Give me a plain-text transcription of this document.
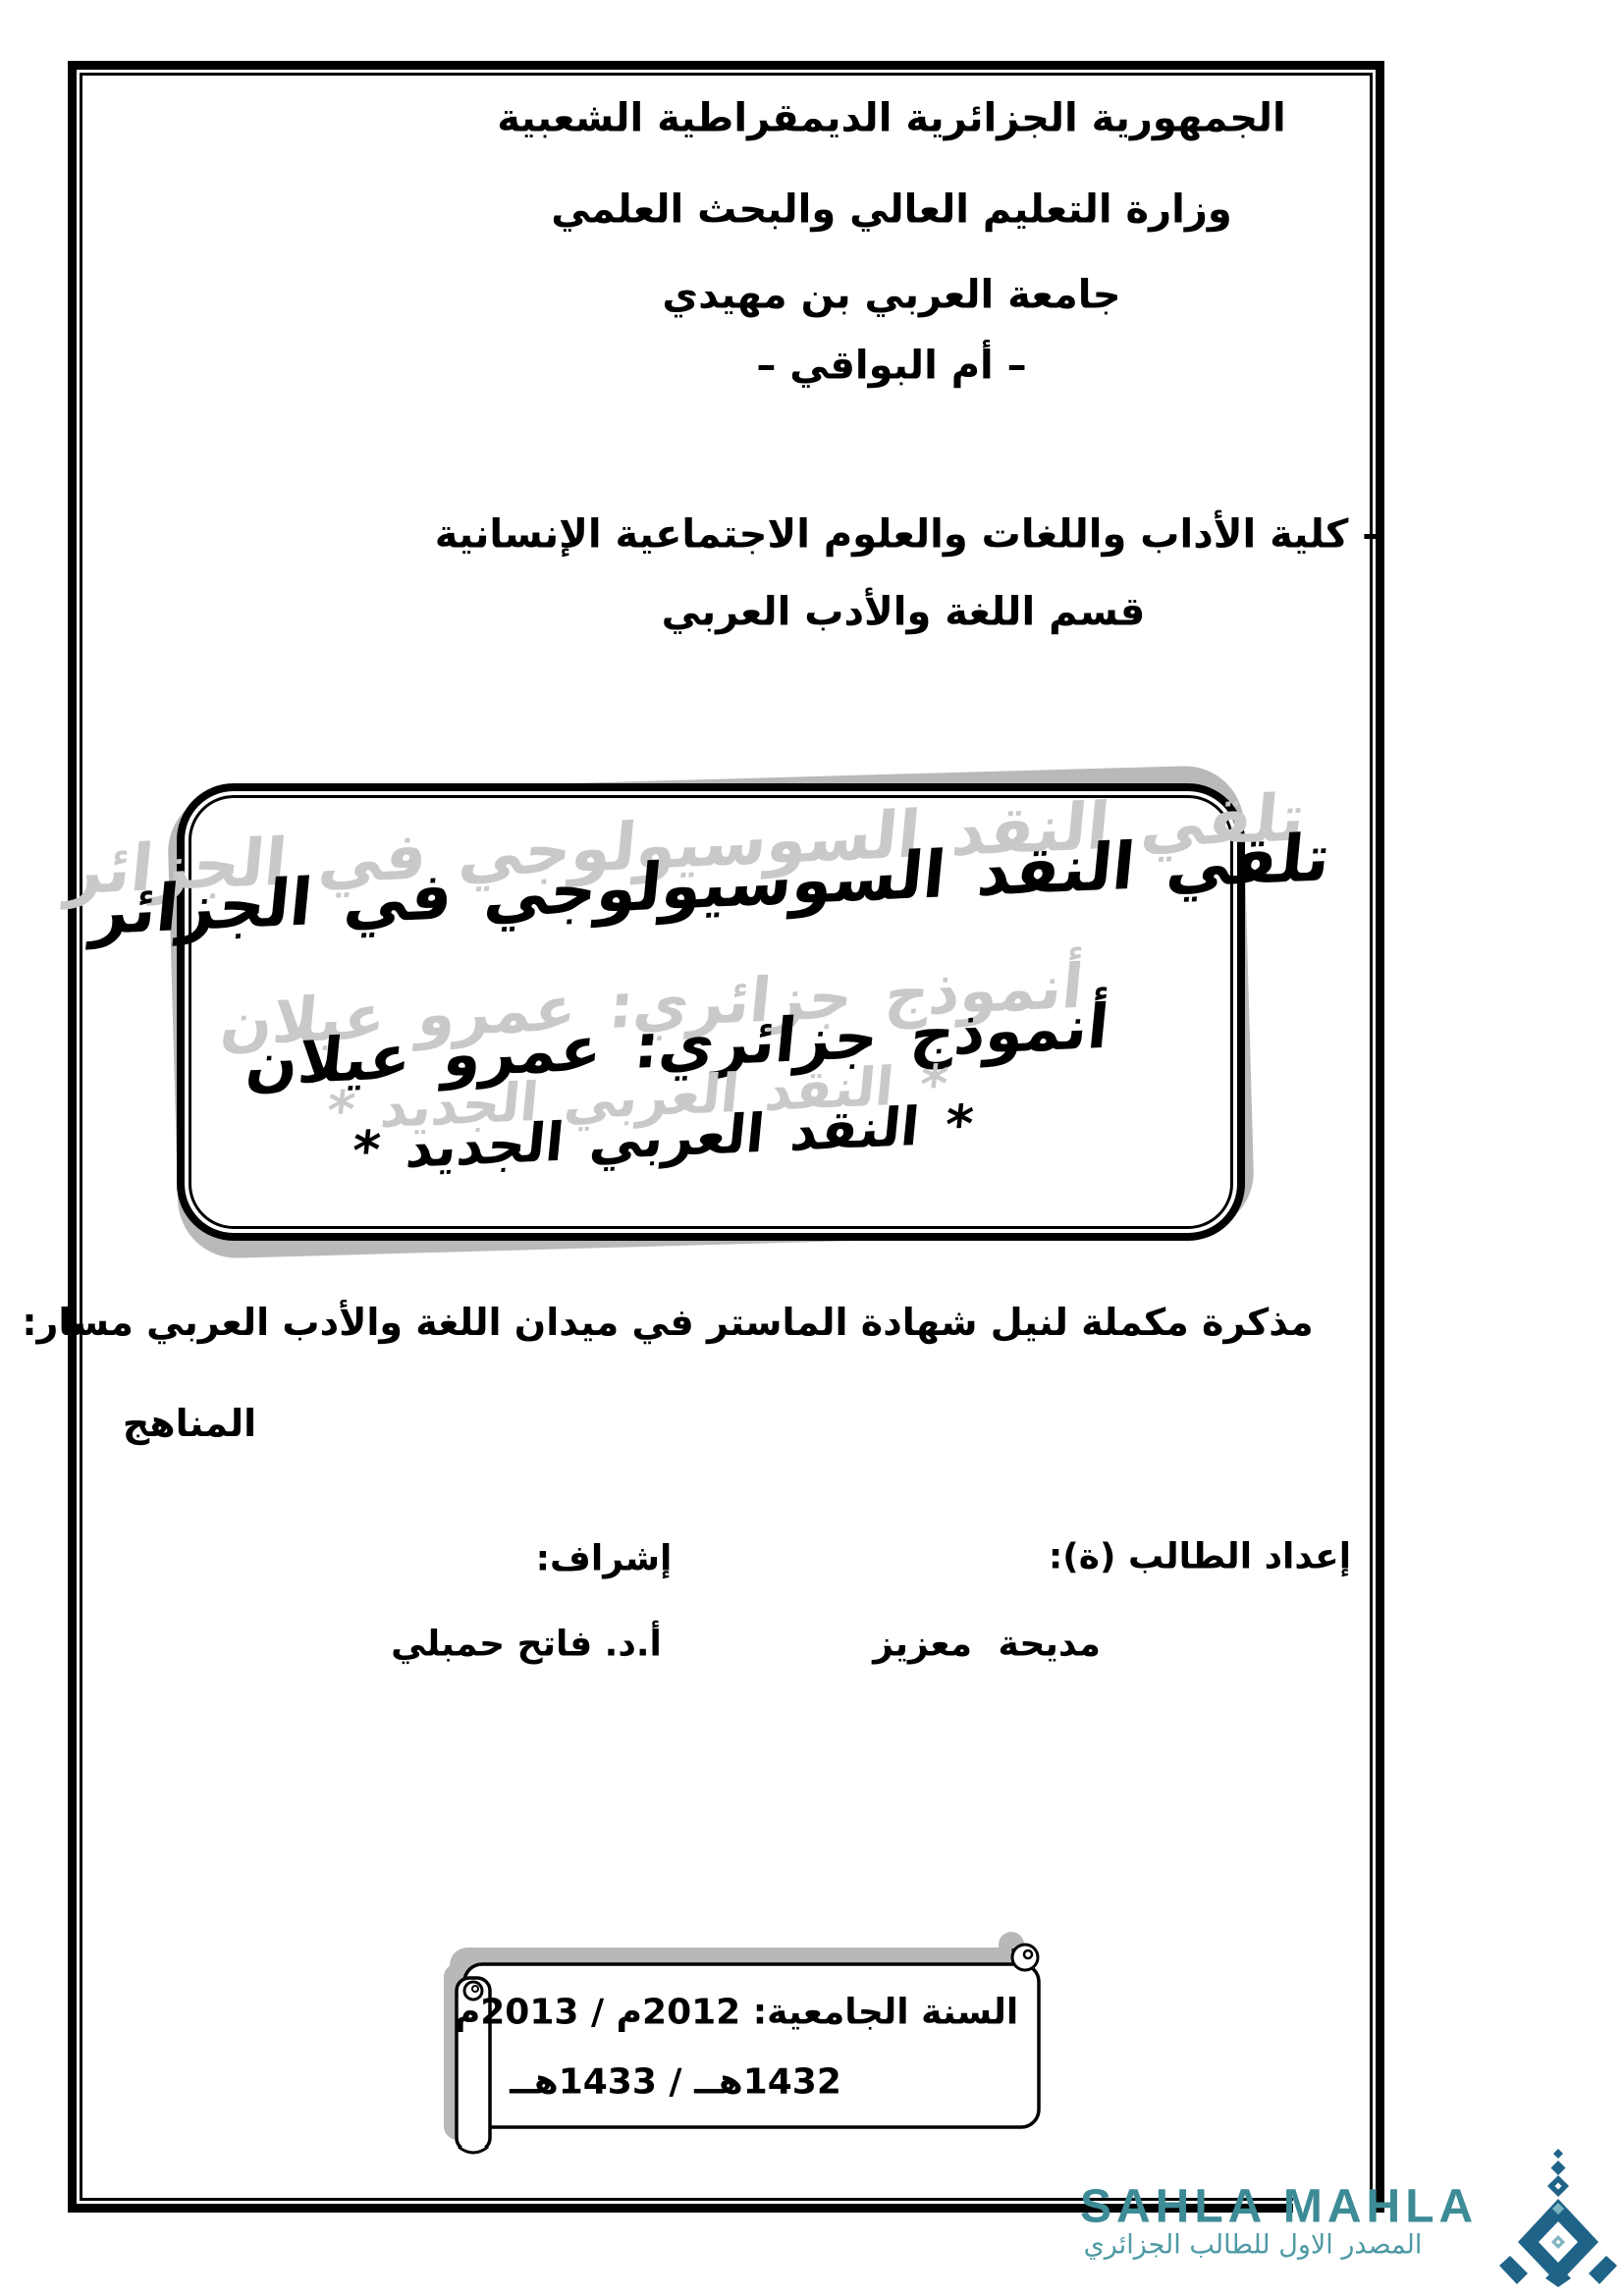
الجمهورية الجزائرية الديمقراطية الشعبية
وزارة التعليم العالي والبحث العلمي
جامعة العربي بن مهيدي
– أم البواقي –
– كلية الأداب واللغات والعلوم الاجتماعية الإنسانية
قسم اللغة والأدب العربي
تلقي النقد السوسيولوجي في الجزائر
أنموذج جزائري: عمرو عيلان
* النقد العربي الجديد *
مذكرة مكملة لنيل شهادة الماستر في ميدان اللغة والأدب العربي مسار:
المناهج
إعداد الطالب (ة):
مديحة معزيز
إشراف:
أ.د. فاتح حمبلي
السنة الجامعية: 2012م / 2013م
1432هــ / 1433هــ
SAHLA MAHLA
المصدر الاول للطالب الجزائري
